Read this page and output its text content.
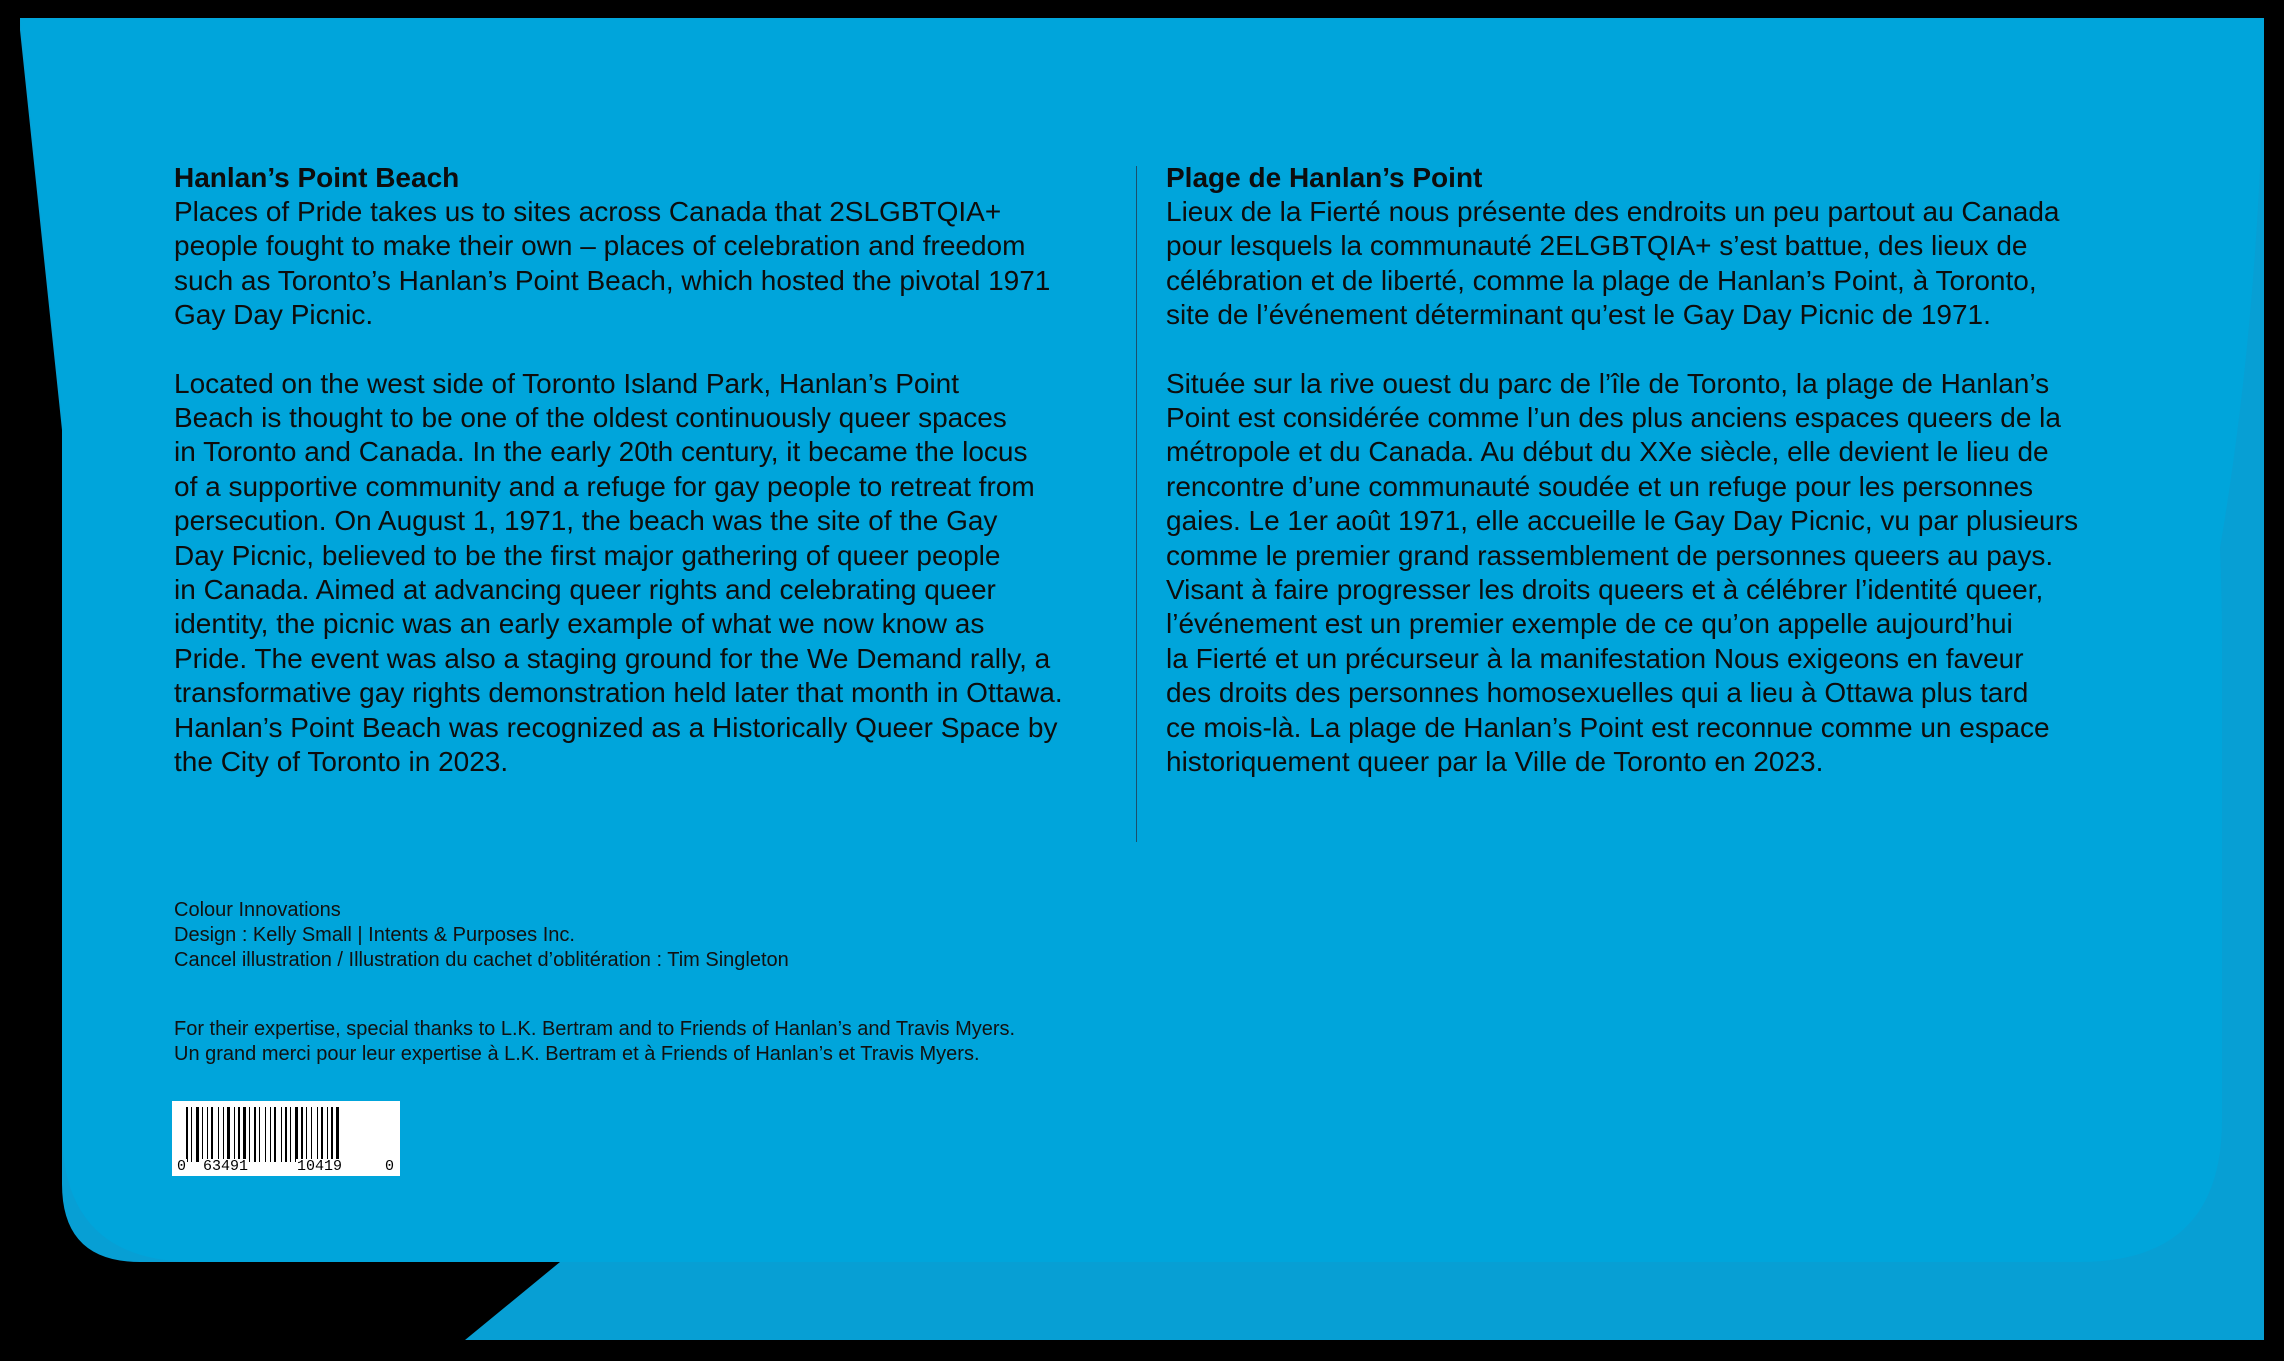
Hanlan’s Point Beach

Places of Pride takes us to sites across Canada that 2SLGBTQIA+
people fought to make their own – places of celebration and freedom
such as Toronto’s Hanlan’s Point Beach, which hosted the pivotal 1971
Gay Day Picnic.

Located on the west side of Toronto Island Park, Hanlan’s Point
Beach is thought to be one of the oldest continuously queer spaces
in Toronto and Canada. In the early 20th century, it became the locus
of a supportive community and a refuge for gay people to retreat from
persecution. On August 1, 1971, the beach was the site of the Gay
Day Picnic, believed to be the first major gathering of queer people
in Canada. Aimed at advancing queer rights and celebrating queer
identity, the picnic was an early example of what we now know as
Pride. The event was also a staging ground for the We Demand rally, a
transformative gay rights demonstration held later that month in Ottawa.
Hanlan’s Point Beach was recognized as a Historically Queer Space by
the City of Toronto in 2023.

Plage de Hanlan’s Point

Lieux de la Fierté nous présente des endroits un peu partout au Canada
pour lesquels la communauté 2ELGBTQIA+ s’est battue, des lieux de
célébration et de liberté, comme la plage de Hanlan’s Point, à Toronto,
site de l’événement déterminant qu’est le Gay Day Picnic de 1971.

Située sur la rive ouest du parc de l’île de Toronto, la plage de Hanlan’s
Point est considérée comme l’un des plus anciens espaces queers de la
métropole et du Canada. Au début du XXe siècle, elle devient le lieu de
rencontre d’une communauté soudée et un refuge pour les personnes
gaies. Le 1er août 1971, elle accueille le Gay Day Picnic, vu par plusieurs
comme le premier grand rassemblement de personnes queers au pays.
Visant à faire progresser les droits queers et à célébrer l’identité queer,
l’événement est un premier exemple de ce qu’on appelle aujourd’hui
la Fierté et un précurseur à la manifestation Nous exigeons en faveur
des droits des personnes homosexuelles qui a lieu à Ottawa plus tard
ce mois-là. La plage de Hanlan’s Point est reconnue comme un espace
historiquement queer par la Ville de Toronto en 2023.

Colour Innovations
Design : Kelly Small | Intents & Purposes Inc.
Cancel illustration / Illustration du cachet d’oblitération : Tim Singleton
For their expertise, special thanks to L.K. Bertram and to Friends of Hanlan’s and Travis Myers.
Un grand merci pour leur expertise à L.K. Bertram et à Friends of Hanlan’s et Travis Myers.
0 63491	10419	0
